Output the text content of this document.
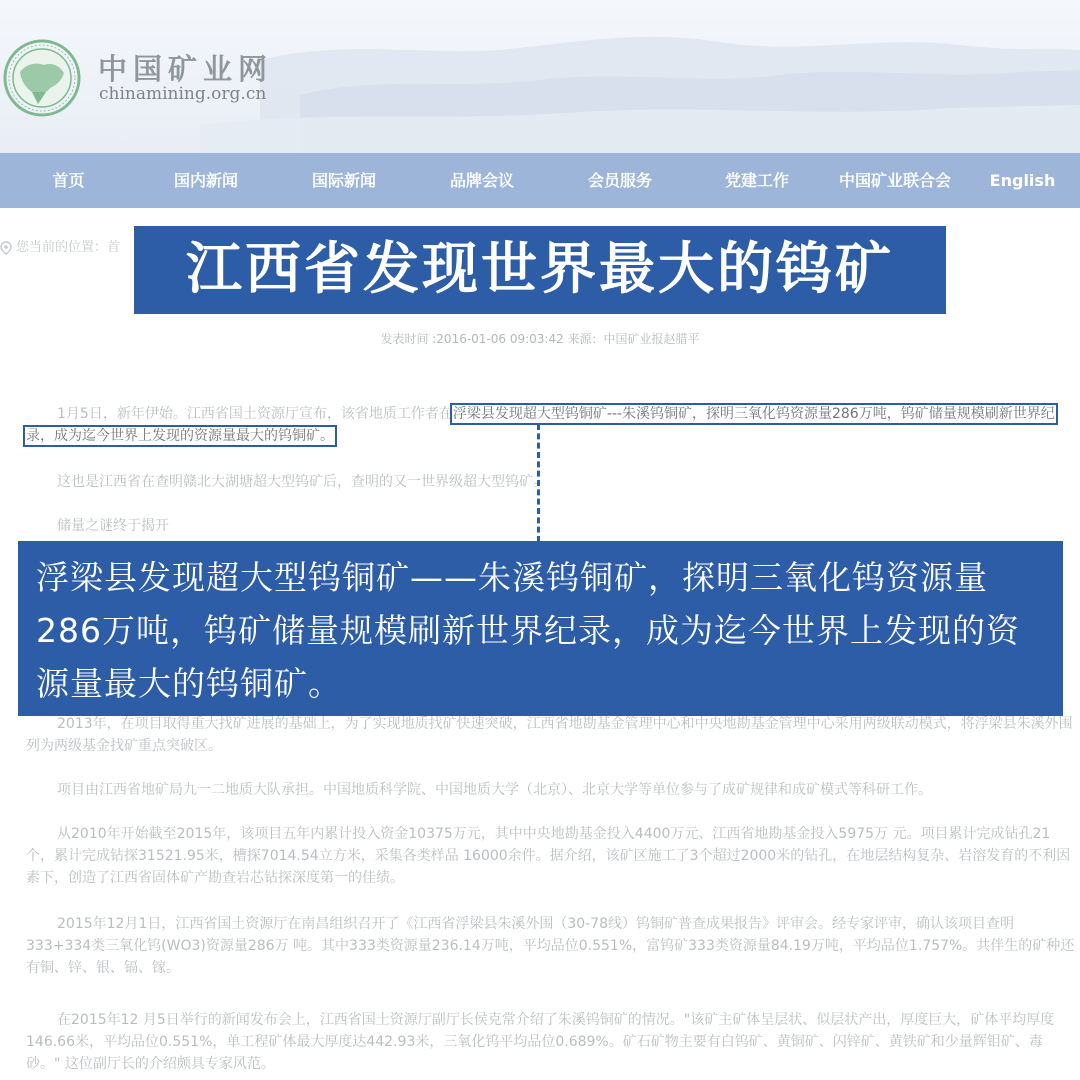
中国矿业网
chinamining.org.cn
首页	国内新闻	国际新闻	品牌会议	会员服务	党建工作	中国矿业联合会	English
您当前的位置：首
发表时间 :2016-01-06 09:03:42 来源：中国矿业报赵腊平
1月5日，新年伊始。江西省国土资源厅宣布，该省地质工作者在浮梁县发现超大型钨铜矿---朱溪钨铜矿，探明三氧化钨资源量286万吨，钨矿储量规模刷新世界纪录，成为迄今世界上发现的资源量最大的钨铜矿。
这也是江西省在查明赣北大湖塘超大型钨矿后，查明的又一世界级超大型钨矿。
储量之谜终于揭开
2013年，在项目取得重大找矿进展的基础上，为了实现地质找矿快速突破，江西省地勘基金管理中心和中央地勘基金管理中心采用两级联动模式，将浮梁县朱溪外围列为两级基金找矿重点突破区。
项目由江西省地矿局九一二地质大队承担。中国地质科学院、中国地质大学（北京）、北京大学等单位参与了成矿规律和成矿模式等科研工作。
从2010年开始截至2015年，该项目五年内累计投入资金10375万元，其中中央地勘基金投入4400万元、江西省地勘基金投入5975万 元。项目累计完成钻孔21个，累计完成钻探31521.95米，槽探7014.54立方米，采集各类样品 16000余件。据介绍，该矿区施工了3个超过2000米的钻孔，在地层结构复杂、岩溶发育的不利因素下，创造了江西省固体矿产勘查岩芯钻探深度第一的佳绩。
2015年12月1日，江西省国土资源厅在南昌组织召开了《江西省浮梁县朱溪外围（30-78线）钨铜矿普查成果报告》评审会。经专家评审，确认该项目查明333+334类三氧化钨(WO3)资源量286万 吨。其中333类资源量236.14万吨，平均品位0.551%，富钨矿333类资源量84.19万吨，平均品位1.757%。共伴生的矿种还有铜、锌、银、镉、镓。
在2015年12 月5日举行的新闻发布会上，江西省国土资源厅副厅长侯克常介绍了朱溪钨铜矿的情况。"该矿主矿体呈层状、似层状产出，厚度巨大，矿体平均厚度146.66米，平均品位0.551%，单工程矿体最大厚度达442.93米，三氧化钨平均品位0.689%。矿石矿物主要有白钨矿、黄铜矿、闪锌矿、黄铁矿和少量辉钼矿、毒砂。" 这位副厅长的介绍颇具专家风范。
江西省发现世界最大的钨矿
浮梁县发现超大型钨铜矿——朱溪钨铜矿，探明三氧化钨资源量286万吨，钨矿储量规模刷新世界纪录，成为迄今世界上发现的资源量最大的钨铜矿。
